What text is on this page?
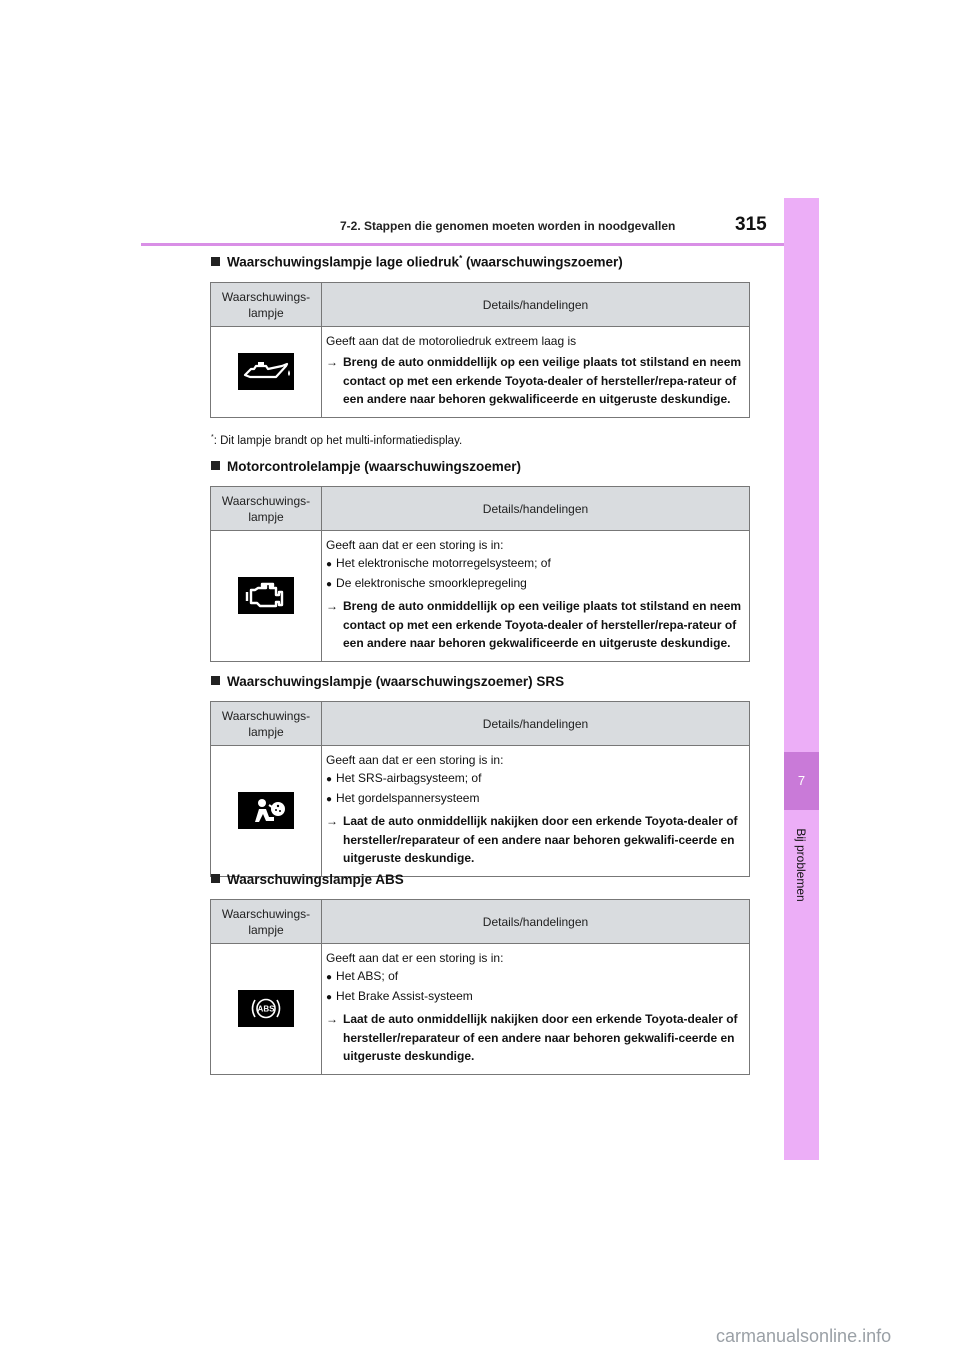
7
Bij problemen
7-2. Stappen die genomen moeten worden in noodgevallen	315
Waarschuwingslampje lage oliedruk* (waarschuwingszoemer)
Waarschuwings-
lampje	Details/handelingen

Geeft aan dat de motoroliedruk extreem laag is
→ Breng de auto onmiddellijk op een veilige plaats tot stilstand en neem contact op met een erkende Toyota-dealer of hersteller/repa-rateur of een andere naar behoren gekwalificeerde en uitgeruste deskundige.
*: Dit lampje brandt op het multi-informatiedisplay.
Motorcontrolelampje (waarschuwingszoemer)
Waarschuwings-
lampje	Details/handelingen

Geeft aan dat er een storing is in:
● Het elektronische motorregelsysteem; of
● De elektronische smoorklepregeling
→ Breng de auto onmiddellijk op een veilige plaats tot stilstand en neem contact op met een erkende Toyota-dealer of hersteller/repa-rateur of een andere naar behoren gekwalificeerde en uitgeruste deskundige.
Waarschuwingslampje (waarschuwingszoemer) SRS
Waarschuwings-
lampje	Details/handelingen

Geeft aan dat er een storing is in:
● Het SRS-airbagsysteem; of
● Het gordelspannersysteem
→ Laat de auto onmiddellijk nakijken door een erkende Toyota-dealer of hersteller/reparateur of een andere naar behoren gekwalifi-ceerde en uitgeruste deskundige.
Waarschuwingslampje ABS
Waarschuwings-
lampje	Details/handelingen

ABS	Geeft aan dat er een storing is in:
● Het ABS; of
● Het Brake Assist-systeem
→ Laat de auto onmiddellijk nakijken door een erkende Toyota-dealer of hersteller/reparateur of een andere naar behoren gekwalifi-ceerde en uitgeruste deskundige.
carmanualsonline.info
